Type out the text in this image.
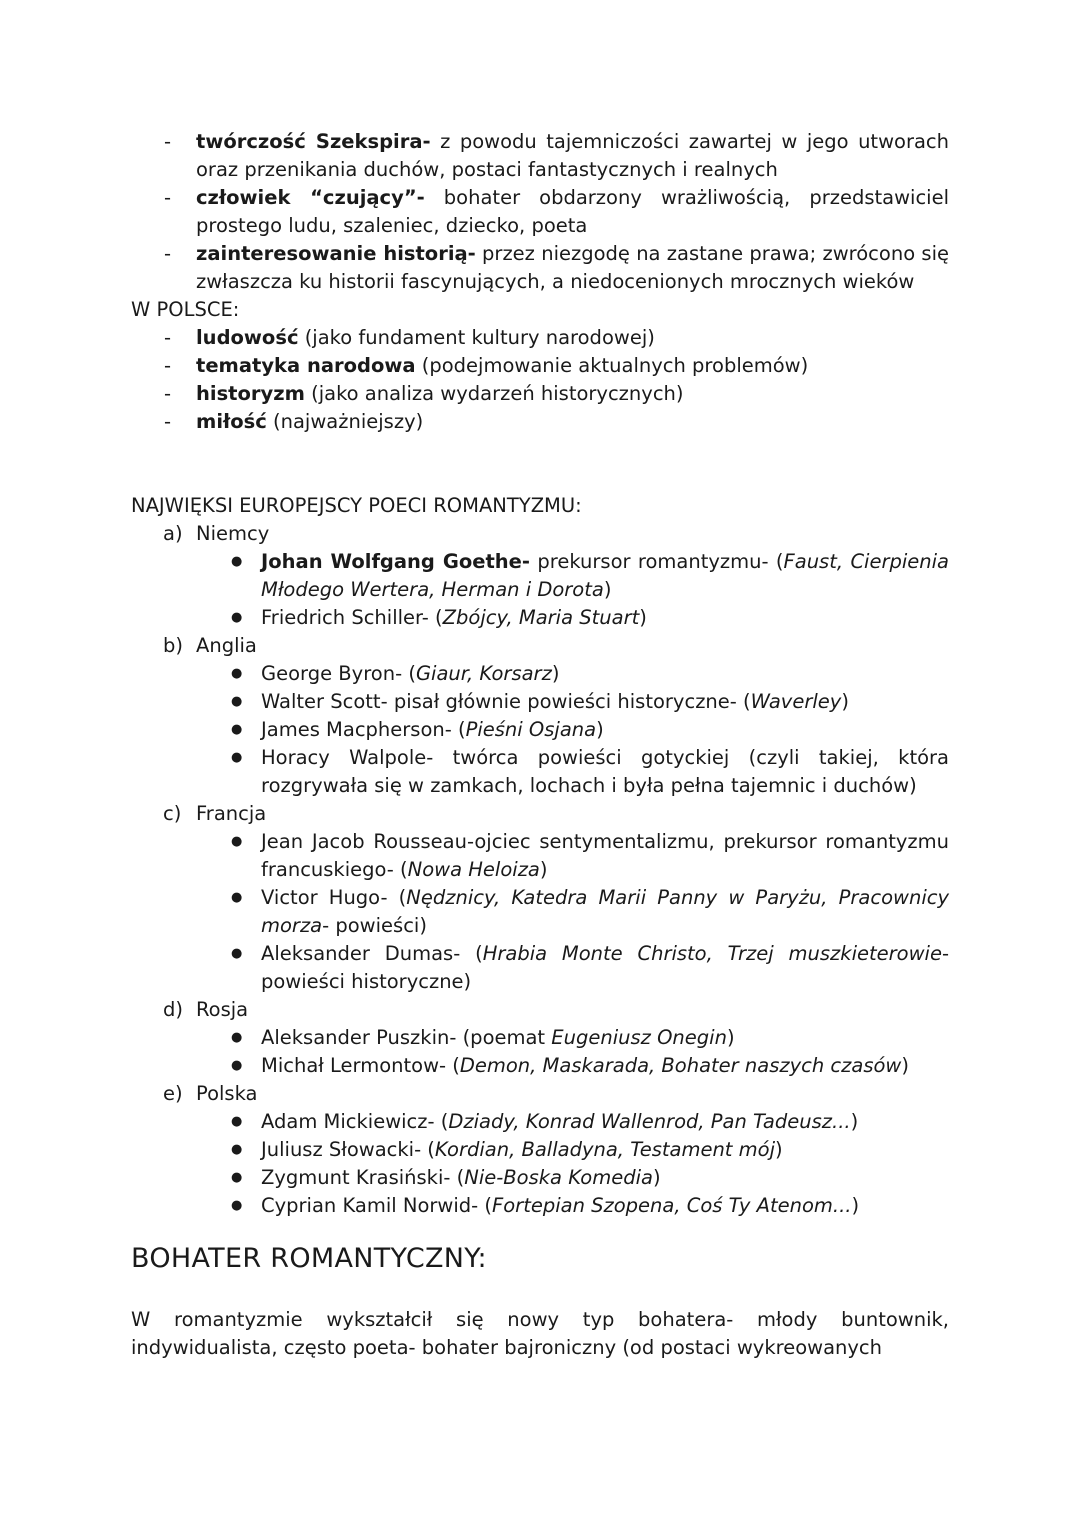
- twórczość Szekspira- z powodu tajemniczości zawartej w jego utworach oraz przenikania duchów, postaci fantastycznych i realnych
- człowiek “czujący”- bohater obdarzony wrażliwością, przedstawiciel prostego ludu, szaleniec, dziecko, poeta
- zainteresowanie historią- przez niezgodę na zastane prawa; zwrócono się zwłaszcza ku historii fascynujących, a niedocenionych mrocznych wieków
W POLSCE:
- ludowość (jako fundament kultury narodowej)
- tematyka narodowa (podejmowanie aktualnych problemów)
- historyzm (jako analiza wydarzeń historycznych)
- miłość (najważniejszy)
NAJWIĘKSI EUROPEJSCY POECI ROMANTYZMU:
a) Niemcy
● Johan Wolfgang Goethe- prekursor romantyzmu- (Faust, Cierpienia Młodego Wertera, Herman i Dorota)
● Friedrich Schiller- (Zbójcy, Maria Stuart)
b) Anglia
● George Byron- (Giaur, Korsarz)
● Walter Scott- pisał głównie powieści historyczne- (Waverley)
● James Macpherson- (Pieśni Osjana)
● Horacy Walpole- twórca powieści gotyckiej (czyli takiej, która rozgrywała się w zamkach, lochach i była pełna tajemnic i duchów)
c) Francja
● Jean Jacob Rousseau-ojciec sentymentalizmu, prekursor romantyzmu francuskiego- (Nowa Heloiza)
● Victor Hugo- (Nędznicy, Katedra Marii Panny w Paryżu, Pracownicy morza- powieści)
● Aleksander Dumas- (Hrabia Monte Christo, Trzej muszkieterowie- powieści historyczne)
d) Rosja
● Aleksander Puszkin- (poemat Eugeniusz Onegin)
● Michał Lermontow- (Demon, Maskarada, Bohater naszych czasów)
e) Polska
● Adam Mickiewicz- (Dziady, Konrad Wallenrod, Pan Tadeusz...)
● Juliusz Słowacki- (Kordian, Balladyna, Testament mój)
● Zygmunt Krasiński- (Nie-Boska Komedia)
● Cyprian Kamil Norwid- (Fortepian Szopena, Coś Ty Atenom...)
BOHATER ROMANTYCZNY:
W romantyzmie wykształcił się nowy typ bohatera- młody buntownik, indywidualista, często poeta- bohater bajroniczny (od postaci wykreowanych
